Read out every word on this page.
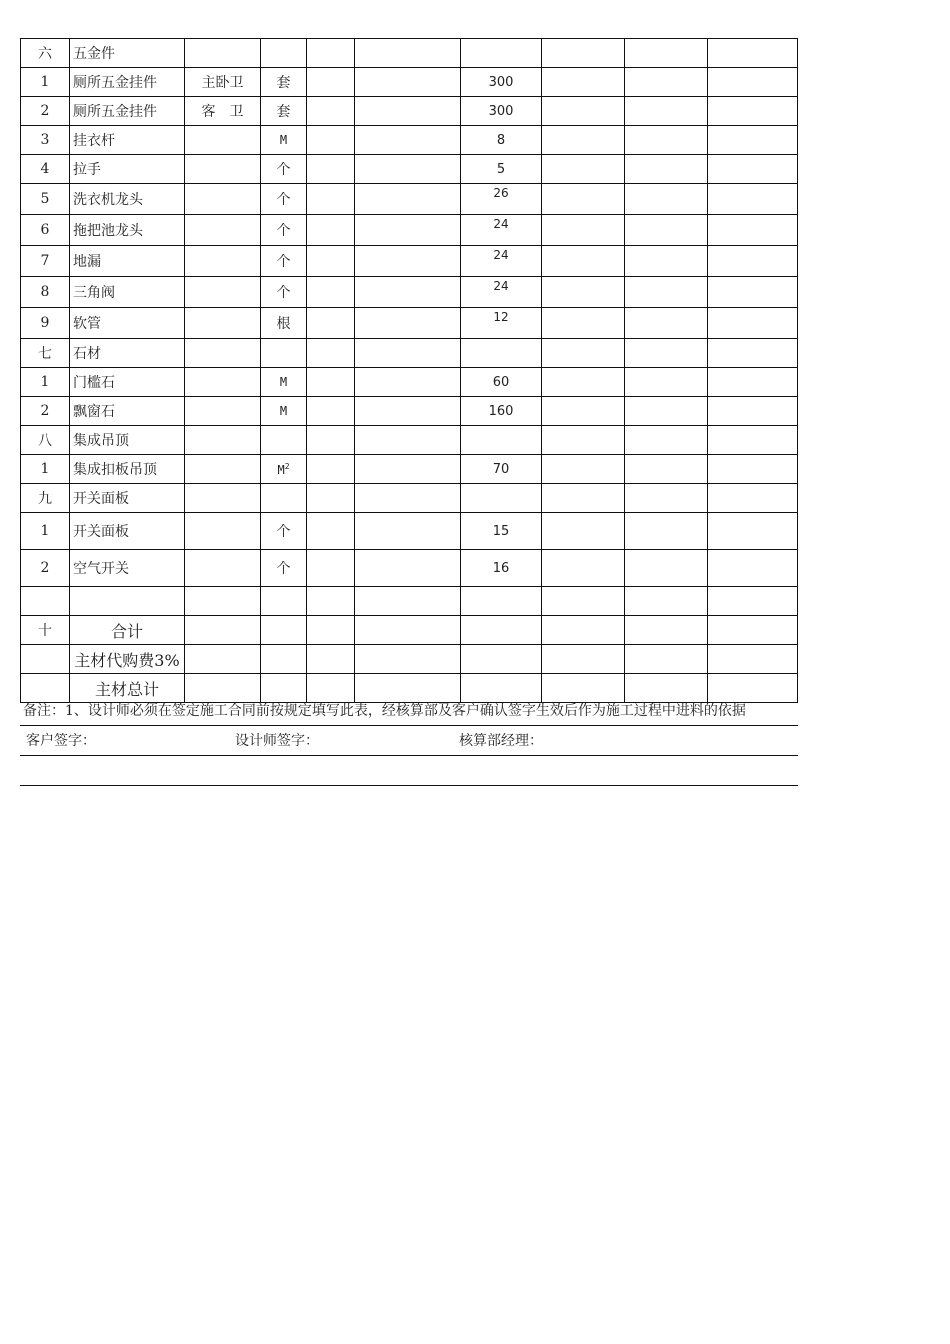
六	五金件								
1	厕所五金挂件	主卧卫	套			300			
2	厕所五金挂件	客　卫	套			300			
3	挂衣杆		M			8			
4	拉手		个			5			
5	洗衣机龙头		个			26			
6	拖把池龙头		个			24			
7	地漏		个			24			
8	三角阀		个			24			
9	软管		根			12			
七	石材								
1	门槛石		M			60			
2	飘窗石		M			160			
八	集成吊顶								
1	集成扣板吊顶		$M^2$			70			
九	开关面板								
1	开关面板		个			15			
2	空气开关		个			16			

十	合计								
	主材代购费3%								
	主材总计								
备注：1、设计师必须在签定施工合同前按规定填写此表，经核算部及客户确认签字生效后作为施工过程中进料的依据
客户签字：	设计师签字：	核算部经理：
